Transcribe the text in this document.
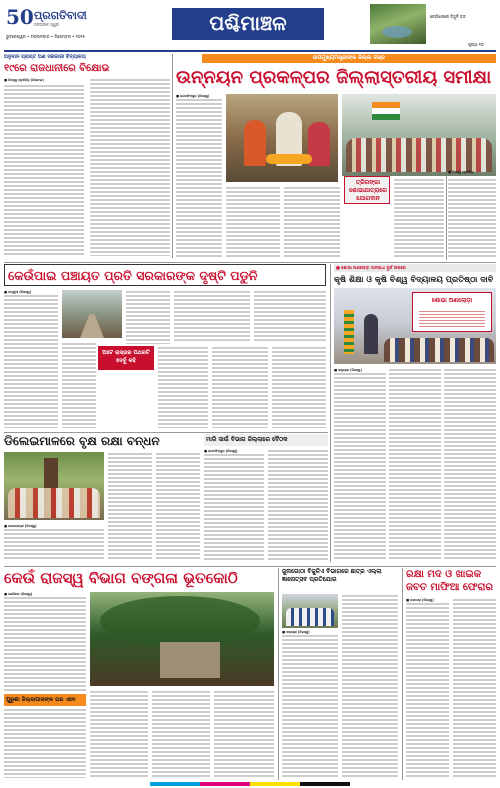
50 ପ୍ରଗତିବାଦୀ
ଜନତାଙ୍କ ସ୍ୱର
ଭୁବନେଶ୍ୱର • ମଙ୍ଗଳବାର • ଡିସେମ୍ବର • ୨୦୨୫
ପଶ୍ଚିମାଞ୍ଚଳ	କେଉଁଝରରେ ବିଜୁଳି ବନ୍ଦ
ପୃଷ୍ଠା ୧୦
ଅନୁଦାନ ପ୍ରାପ୍ତ ଅଣ ସରକାରୀ ବିଦ୍ୟାଳୟ
୧୯ରେ ରାଜଧାନୀରେ ବିକ୍ଷୋଭ
■ ନିଜସ୍ୱ ପ୍ରତିନିଧି (ନିଶାବଲ)
ଉପମୁଖ୍ୟମନ୍ତ୍ରୀଙ୍କ ଜିଲ୍ଲା ଗସ୍ତ
ଉନ୍ନୟନ ପ୍ରକଳ୍ପର ଜିଲ୍ଲାସ୍ତରୀୟ ସମୀକ୍ଷା
■ ଜଗତସିଂହପୁର (ନିଜସ୍ୱ)
ତ୍ରିରଙ୍ଗା ଶୋଭାଯାତ୍ରାରେ ଯୋଗଦାନ
କେଉଁପାଇ ପଞ୍ଚାୟତ ପ୍ରତି ସରକାରଙ୍କ ଦୃଷ୍ଟି ପଡୁନି
■ ଚମ୍ପୁଆ (ନିଜସ୍ୱ)
ଅଟେ ରାସ୍ତାର ପଥରଟି ଦେବୁଁ କହି
■ ଶୋଭା ଅଣଲୋଡ଼ା ଜାନରାଧୀ ଦୁର୍ଗ ଉପରେ
କୃଷି ଶିକ୍ଷା ଓ କୃଷି ବିଶ୍ୱ ବିଦ୍ୟାଳୟ ପ୍ରତିଷ୍ଠା ଦାବି
ଶୋଭା ଅଣଲୋଡ଼ା
■ କଲ୍ୟାଣ (ନିଜସ୍ୱ)
ଡିଲେଇମାଳରେ ବୃକ୍ଷ ରକ୍ଷା ବନ୍ଧନ
■ ଜଗତଯାତ୍ରୀ (ନିଜସ୍ୱ)
ମାରି ସାଉଁ ବିଭାଗ ଜିଲ୍ଲାରେ ବୈଠକ
■ ଜଗତସିଂହପୁର (ନିଜସ୍ୱ)
କେଉଁ ରାଜସ୍ୱ ବିଭାଗ ବଙ୍ଗଳା ଭୂତକୋଠି
■ କେଉଁଝର (ନିଜସ୍ୱ)
ପୁରୁଣା ଜିଲ୍ଲାପାଳଙ୍କ ଘର ଏବେ
ଜୁନାଗୋଠା ବିଜୁଳିଏ ବିଭାଗରେ ଛାତ୍ର ଏଲ୍ଲା ଜ୍ଞାନୋତ୍ସବ ପ୍ରତିଯୋଗ
■ ଝାଡ଼ଶ୍ରୀ (ନିଜସ୍ୱ)
ରକ୍ଷା ମଦ ଓ ଖାଇକ ଜବତ ମାଫିଆ ଫେରାର
■ ଦେବଗଡ଼ (ନିଜସ୍ୱ)
■ ନିଜସ୍ୱ ପ୍ରତିନିଧି
